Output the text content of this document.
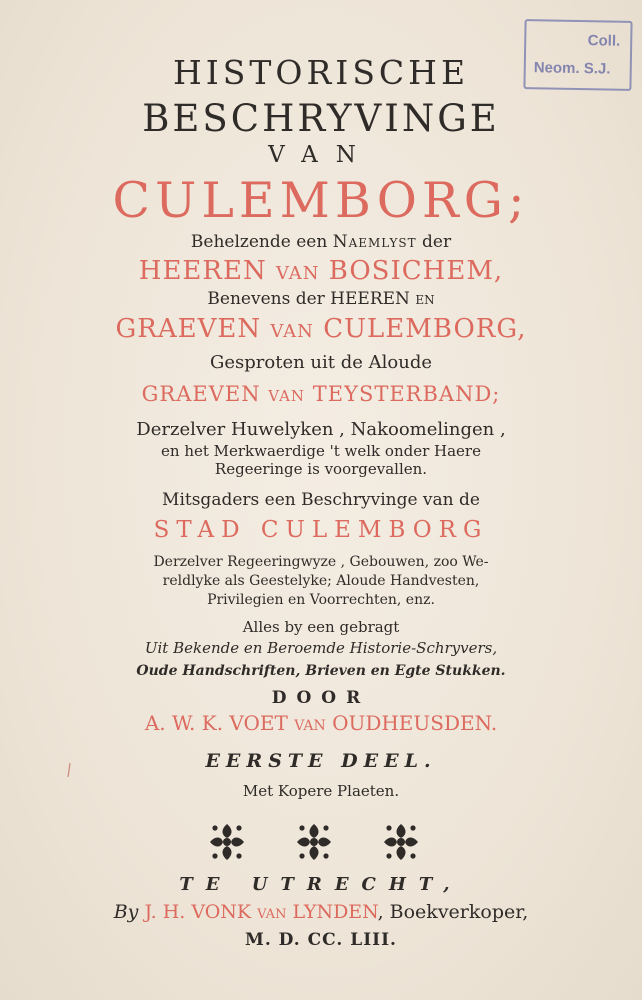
Coll.
Neom. S.J.
HISTORISCHE
BESCHRYVINGE
VAN
CULEMBORG;
Behelzende een Naemlyst der
HEEREN van BOSICHEM,
Benevens der HEEREN en
GRAEVEN van CULEMBORG,
Gesproten uit de Aloude
GRAEVEN van TEYSTERBAND;
Derzelver Huwelyken , Nakoomelingen ,
en het Merkwaerdige 't welk onder Haere
Regeeringe is voorgevallen.
Mitsgaders een Beschryvinge van de
STAD CULEMBORG
Derzelver Regeeringwyze , Gebouwen, zoo We-
reldlyke als Geestelyke; Aloude Handvesten,
Privilegien en Voorrechten, enz.
Alles by een gebragt
Uit Bekende en Beroemde Historie-Schryvers,
Oude Handschriften, Brieven en Egte Stukken.
DOOR
A. W. K. VOET van OUDHEUSDEN.
EERSTE DEEL.
Met Kopere Plaeten.
TE UTRECHT,
By J. H. VONK van LYNDEN, Boekverkoper,
M. D. CC. LIII.
